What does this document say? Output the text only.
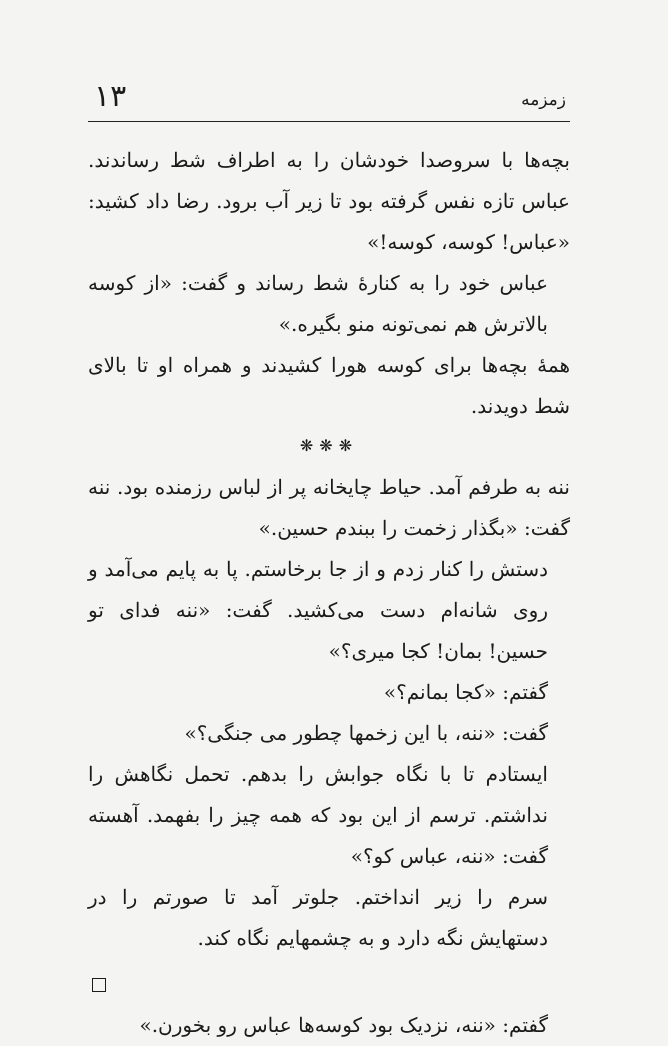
۱۳	زمزمه

بچه‌ها با سروصدا خودشان را به اطراف شط رساندند. عباس تازه نفس گرفته بود تا زیر آب برود. رضا داد کشید: «عباس! کوسه، کوسه!»

عباس خود را به کنارهٔ شط رساند و گفت: «از کوسه بالاترش هم نمی‌تونه منو بگیره.»

همهٔ بچه‌ها برای کوسه هورا کشیدند و همراه او تا بالای شط دویدند.

❋❋❋

ننه به طرفم آمد. حیاط چایخانه پر از لباس رزمنده بود. ننه گفت: «بگذار زخمت را ببندم حسین.»

دستش را کنار زدم و از جا برخاستم. پا به پایم می‌آمد و روی شانه‌ام دست می‌کشید. گفت: «ننه فدای تو حسین! بمان! کجا میری؟»

گفتم: «کجا بمانم؟»

گفت: «ننه، با این زخمها چطور می جنگی؟»

ایستادم تا با نگاه جوابش را بدهم. تحمل نگاهش را نداشتم. ترسم از این بود که همه چیز را بفهمد. آهسته گفت: «ننه، عباس کو؟»

سرم را زیر انداختم. جلوتر آمد تا صورتم را در دستهایش نگه دارد و به چشمهایم نگاه کند.

گفتم: «ننه، نزدیک بود کوسه‌ها عباس رو بخورن.»
